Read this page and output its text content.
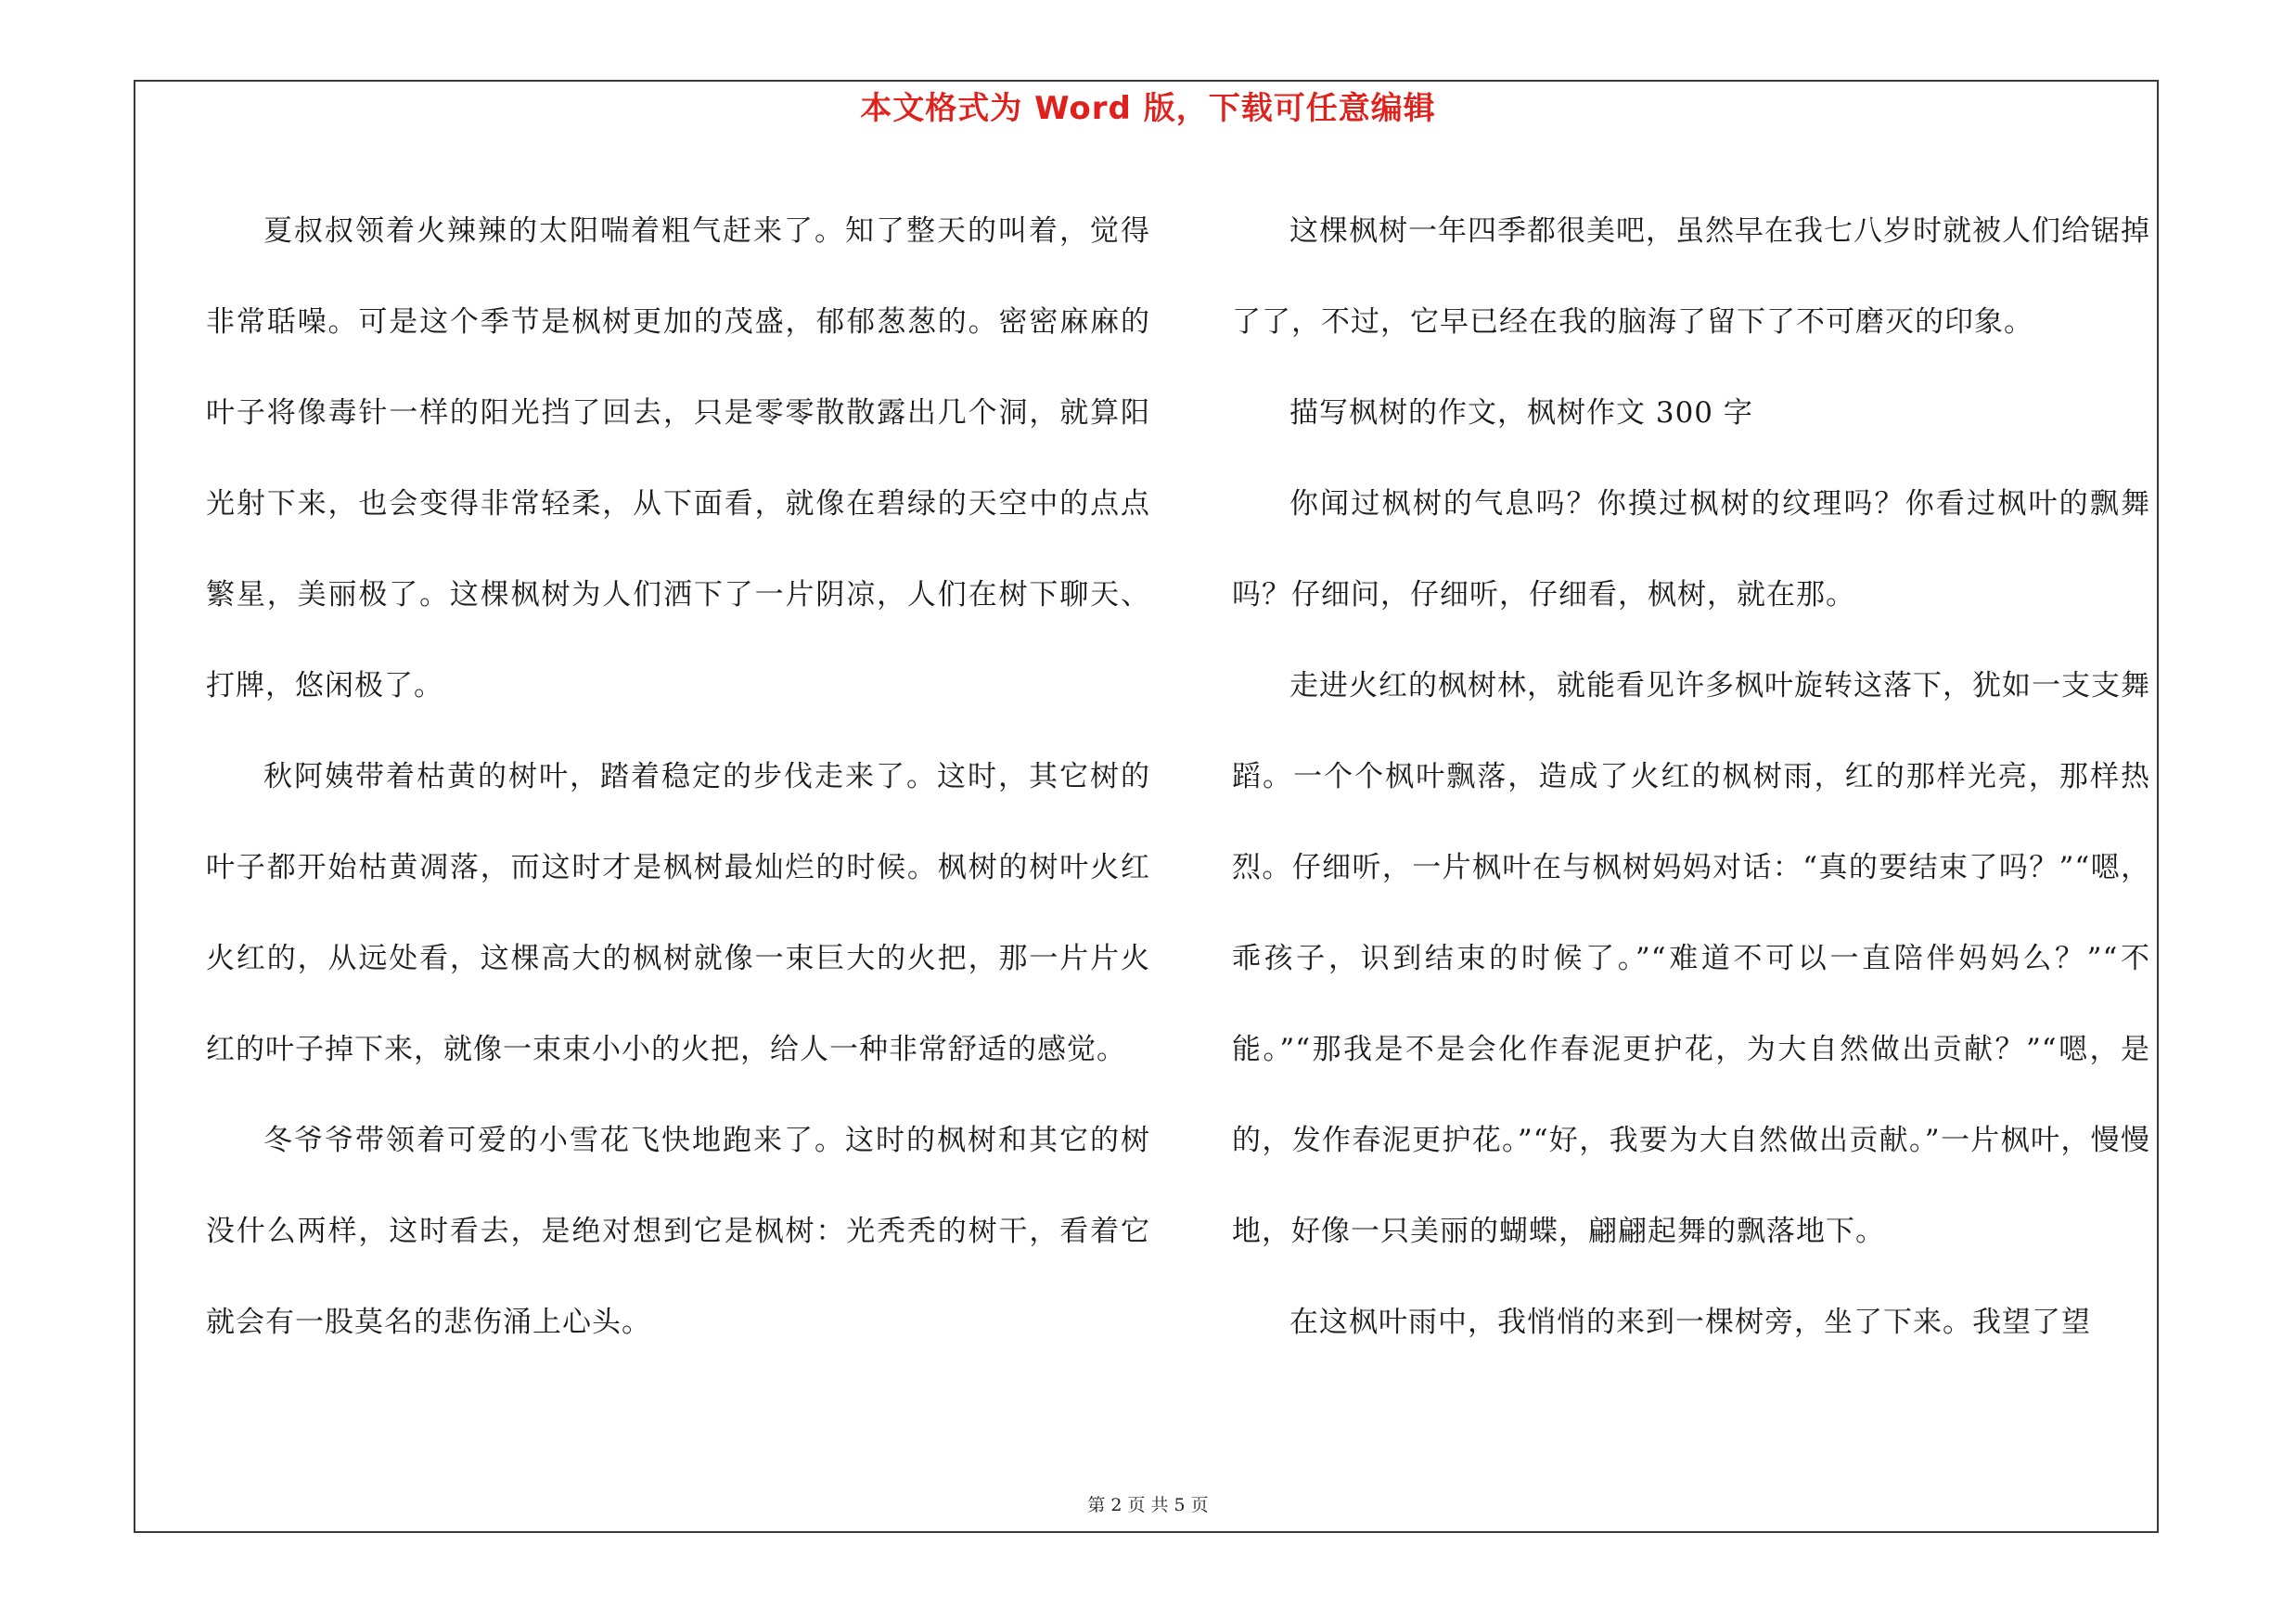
本文格式为 Word 版，下载可任意编辑

夏叔叔领着火辣辣的太阳喘着粗气赶来了。知了整天的叫着，觉得非常聒噪。可是这个季节是枫树更加的茂盛，郁郁葱葱的。密密麻麻的叶子将像毒针一样的阳光挡了回去，只是零零散散露出几个洞，就算阳光射下来，也会变得非常轻柔，从下面看，就像在碧绿的天空中的点点繁星，美丽极了。这棵枫树为人们洒下了一片阴凉，人们在树下聊天、打牌，悠闲极了。

秋阿姨带着枯黄的树叶，踏着稳定的步伐走来了。这时，其它树的叶子都开始枯黄凋落，而这时才是枫树最灿烂的时候。枫树的树叶火红火红的，从远处看，这棵高大的枫树就像一束巨大的火把，那一片片火红的叶子掉下来，就像一束束小小的火把，给人一种非常舒适的感觉。

冬爷爷带领着可爱的小雪花飞快地跑来了。这时的枫树和其它的树没什么两样，这时看去，是绝对想到它是枫树：光秃秃的树干，看着它就会有一股莫名的悲伤涌上心头。

这棵枫树一年四季都很美吧，虽然早在我七八岁时就被人们给锯掉了了，不过，它早已经在我的脑海了留下了不可磨灭的印象。

描写枫树的作文，枫树作文 300 字

你闻过枫树的气息吗？你摸过枫树的纹理吗？你看过枫叶的飘舞吗？仔细问，仔细听，仔细看，枫树，就在那。

走进火红的枫树林，就能看见许多枫叶旋转这落下，犹如一支支舞蹈。一个个枫叶飘落，造成了火红的枫树雨，红的那样光亮，那样热烈。仔细听，一片枫叶在与枫树妈妈对话：“真的要结束了吗？”“嗯，乖孩子，识到结束的时候了。”“难道不可以一直陪伴妈妈么？”“不能。”“那我是不是会化作春泥更护花，为大自然做出贡献？”“嗯，是的，发作春泥更护花。”“好，我要为大自然做出贡献。”一片枫叶，慢慢地，好像一只美丽的蝴蝶，翩翩起舞的飘落地下。

在这枫叶雨中，我悄悄的来到一棵树旁，坐了下来。我望了望

第 2 页 共 5 页
